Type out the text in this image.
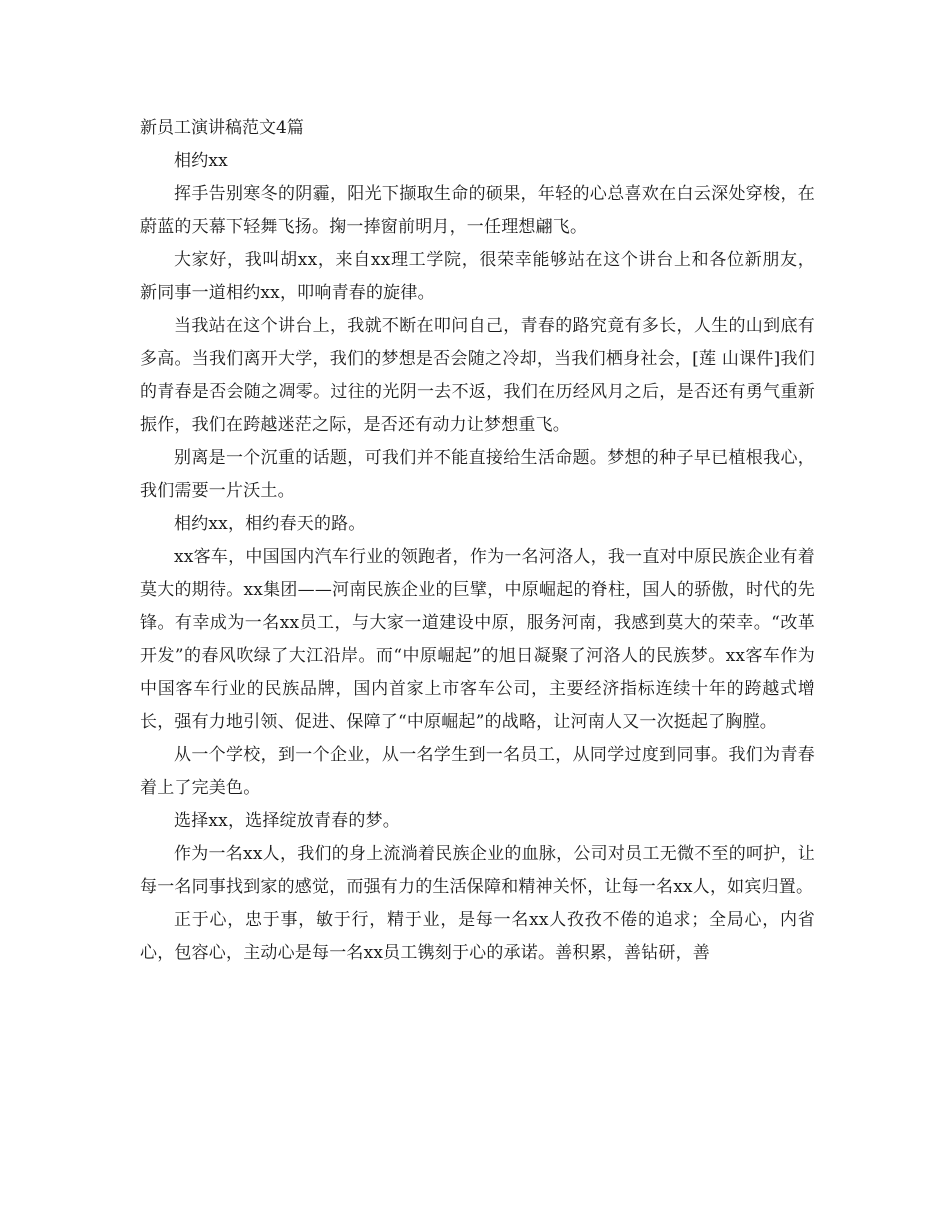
新员工演讲稿范文4篇

相约xx

挥手告别寒冬的阴霾，阳光下撷取生命的硕果，年轻的心总喜欢在白云深处穿梭，在蔚蓝的天幕下轻舞飞扬。掬一捧窗前明月，一任理想翩飞。

大家好，我叫胡xx，来自xx理工学院，很荣幸能够站在这个讲台上和各位新朋友，新同事一道相约xx，叩响青春的旋律。

当我站在这个讲台上，我就不断在叩问自己，青春的路究竟有多长，人生的山到底有多高。当我们离开大学，我们的梦想是否会随之冷却，当我们栖身社会，[莲 山课件]我们的青春是否会随之凋零。过往的光阴一去不返，我们在历经风月之后，是否还有勇气重新振作，我们在跨越迷茫之际，是否还有动力让梦想重飞。

别离是一个沉重的话题，可我们并不能直接给生活命题。梦想的种子早已植根我心，我们需要一片沃土。

相约xx，相约春天的路。

xx客车，中国国内汽车行业的领跑者，作为一名河洛人，我一直对中原民族企业有着莫大的期待。xx集团——河南民族企业的巨擘，中原崛起的脊柱，国人的骄傲，时代的先锋。有幸成为一名xx员工，与大家一道建设中原，服务河南，我感到莫大的荣幸。“改革开发”的春风吹绿了大江沿岸。而“中原崛起”的旭日凝聚了河洛人的民族梦。xx客车作为中国客车行业的民族品牌，国内首家上市客车公司，主要经济指标连续十年的跨越式增长，强有力地引领、促进、保障了“中原崛起”的战略，让河南人又一次挺起了胸膛。

从一个学校，到一个企业，从一名学生到一名员工，从同学过度到同事。我们为青春着上了完美色。

选择xx，选择绽放青春的梦。

作为一名xx人，我们的身上流淌着民族企业的血脉，公司对员工无微不至的呵护，让每一名同事找到家的感觉，而强有力的生活保障和精神关怀，让每一名xx人，如宾归置。

正于心，忠于事，敏于行，精于业，是每一名xx人孜孜不倦的追求；全局心，内省心，包容心，主动心是每一名xx员工镌刻于心的承诺。善积累，善钻研，善
